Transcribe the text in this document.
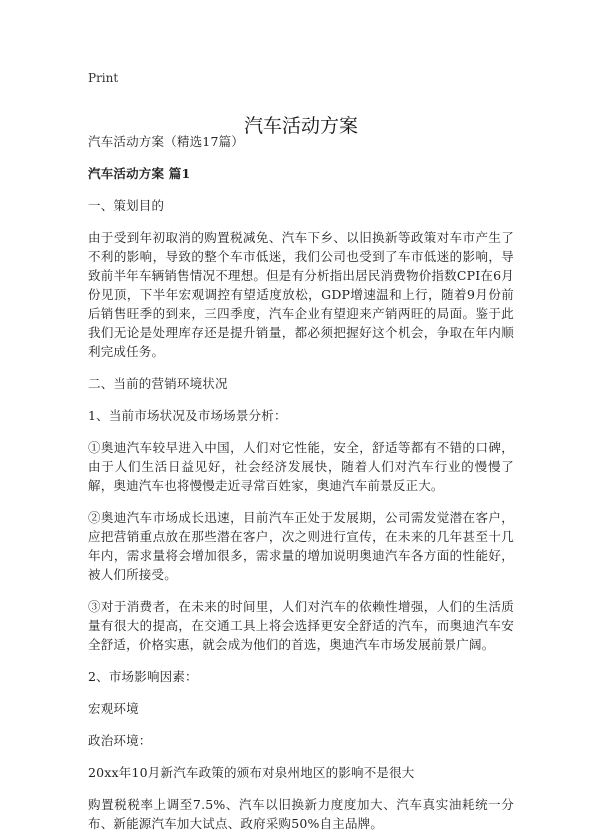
Print
汽车活动方案

汽车活动方案（精选17篇）

汽车活动方案 篇1

一、策划目的

由于受到年初取消的购置税减免、汽车下乡、以旧换新等政策对车市产生了不利的影响，导致的整个车市低迷，我们公司也受到了车市低迷的影响，导致前半年车辆销售情况不理想。但是有分析指出居民消费物价指数CPI在6月份见顶，下半年宏观调控有望适度放松，GDP增速温和上行，随着9月份前后销售旺季的到来，三四季度，汽车企业有望迎来产销两旺的局面。鉴于此我们无论是处理库存还是提升销量，都必须把握好这个机会，争取在年内顺利完成任务。

二、当前的营销环境状况

1、当前市场状况及市场场景分析：

①奥迪汽车较早进入中国，人们对它性能，安全，舒适等都有不错的口碑，由于人们生活日益见好，社会经济发展快，随着人们对汽车行业的慢慢了解，奥迪汽车也将慢慢走近寻常百姓家，奥迪汽车前景反正大。

②奥迪汽车市场成长迅速，目前汽车正处于发展期，公司需发觉潜在客户，应把营销重点放在那些潜在客户，次之则进行宣传，在未来的几年甚至十几年内，需求量将会增加很多，需求量的增加说明奥迪汽车各方面的性能好，被人们所接受。

③对于消费者，在未来的时间里，人们对汽车的依赖性增强，人们的生活质量有很大的提高，在交通工具上将会选择更安全舒适的汽车，而奥迪汽车安全舒适，价格实惠，就会成为他们的首选，奥迪汽车市场发展前景广阔。

2、市场影响因素：

宏观环境

政治环境：

20xx年10月新汽车政策的颁布对泉州地区的影响不是很大

购置税税率上调至7.5%、汽车以旧换新力度度加大、汽车真实油耗统一分布、新能源汽车加大试点、政府采购50%自主品牌。
